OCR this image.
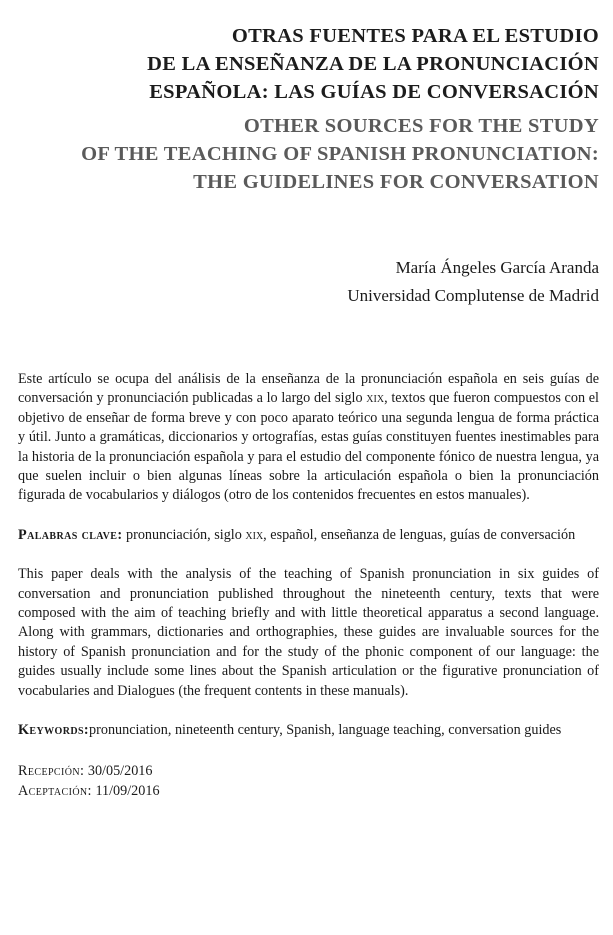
OTRAS FUENTES PARA EL ESTUDIO
DE LA ENSEÑANZA DE LA PRONUNCIACIÓN
ESPAÑOLA: LAS GUÍAS DE CONVERSACIÓN
OTHER SOURCES FOR THE STUDY
OF THE TEACHING OF SPANISH PRONUNCIATION:
THE GUIDELINES FOR CONVERSATION
María Ángeles García Aranda
Universidad Complutense de Madrid

Este artículo se ocupa del análisis de la enseñanza de la pronunciación española en seis guías de conversación y pronunciación publicadas a lo largo del siglo xix, textos que fueron compuestos con el objetivo de enseñar de forma breve y con poco aparato teórico una segunda lengua de forma práctica y útil. Junto a gramáticas, diccionarios y ortografías, estas guías constituyen fuentes inestimables para la historia de la pronunciación española y para el estudio del componente fónico de nuestra lengua, ya que suelen incluir o bien algunas líneas sobre la articulación española o bien la pronunciación figurada de vocabularios y diálogos (otro de los contenidos frecuentes en estos manuales).

Palabras clave: pronunciación, siglo xix, español, enseñanza de lenguas, guías de conversación

This paper deals with the analysis of the teaching of Spanish pronunciation in six guides of conversation and pronunciation published throughout the nineteenth century, texts that were composed with the aim of teaching briefly and with little theoretical apparatus a second language. Along with grammars, dictionaries and orthographies, these guides are invaluable sources for the history of Spanish pronunciation and for the study of the phonic component of our language: the guides usually include some lines about the Spanish articulation or the figurative pronunciation of vocabularies and Dialogues (the frequent contents in these manuals).

Keywords:pronunciation, nineteenth century, Spanish, language teaching, conversation guides

Recepción: 30/05/2016
Aceptación: 11/09/2016
